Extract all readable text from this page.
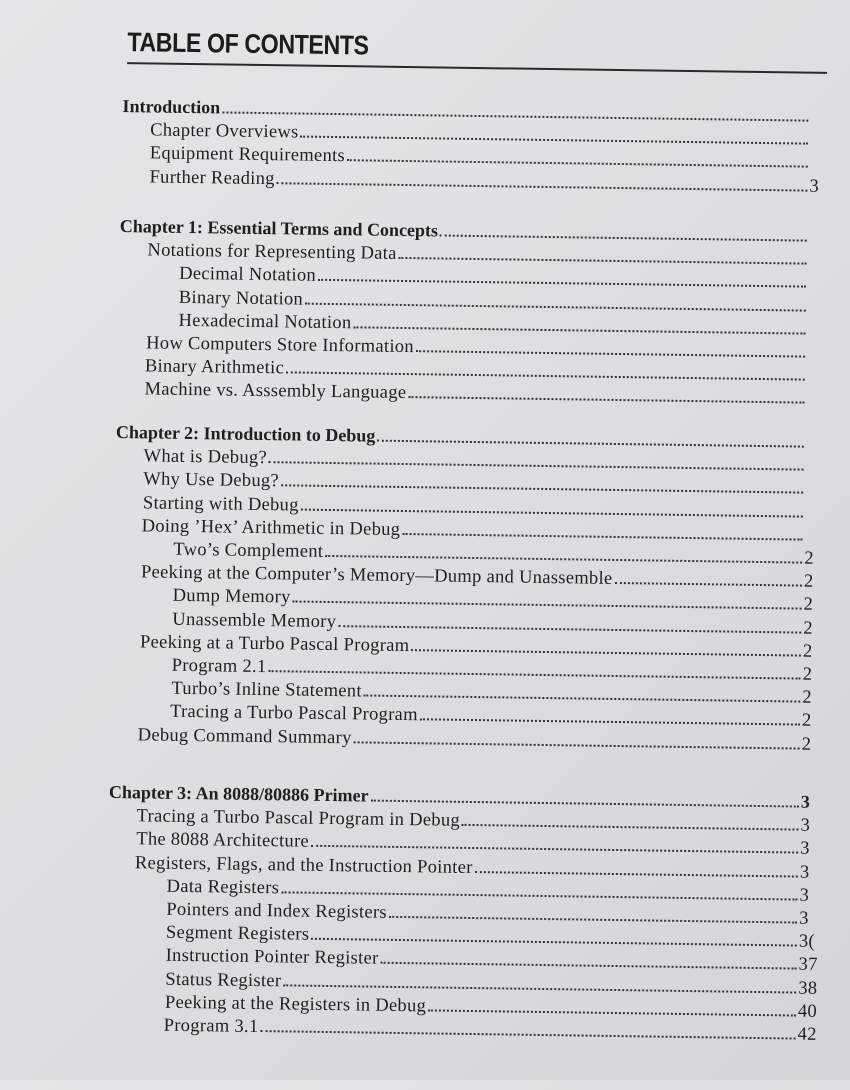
TABLE OF CONTENTS
Introduction
Chapter Overviews
Equipment Requirements
Further Reading	3
Chapter 1: Essential Terms and Concepts
Notations for Representing Data
Decimal Notation
Binary Notation
Hexadecimal Notation
How Computers Store Information
Binary Arithmetic
Machine vs. Asssembly Language
Chapter 2: Introduction to Debug
What is Debug?
Why Use Debug?
Starting with Debug
Doing ’Hex’ Arithmetic in Debug
Two’s Complement	2
Peeking at the Computer’s Memory—Dump and Unassemble	2
Dump Memory	2
Unassemble Memory	2
Peeking at a Turbo Pascal Program	2
Program 2.1	2
Turbo’s Inline Statement	2
Tracing a Turbo Pascal Program	2
Debug Command Summary	2
Chapter 3: An 8088/80886 Primer	3
Tracing a Turbo Pascal Program in Debug	3
The 8088 Architecture	3
Registers, Flags, and the Instruction Pointer	3
Data Registers	3
Pointers and Index Registers	3
Segment Registers	3(
Instruction Pointer Register	37
Status Register	38
Peeking at the Registers in Debug	40
Program 3.1	42
